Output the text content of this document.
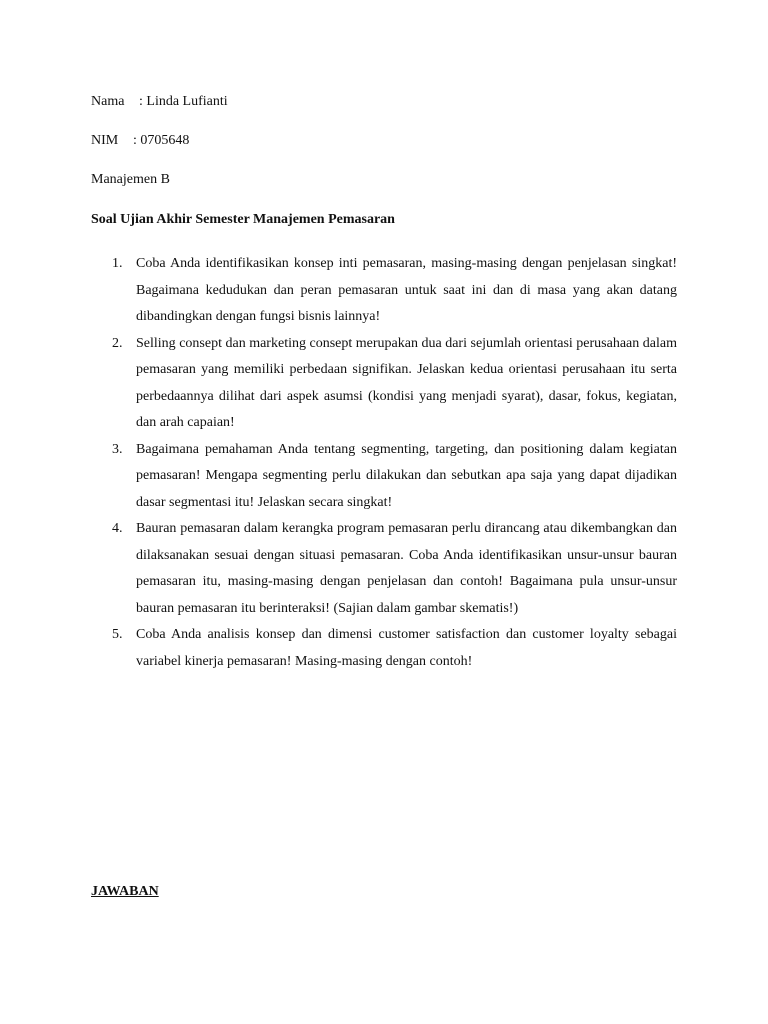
Nama : Linda Lufianti
NIM : 0705648
Manajemen B
Soal Ujian Akhir Semester Manajemen Pemasaran
1. Coba Anda identifikasikan konsep inti pemasaran, masing-masing dengan penjelasan singkat! Bagaimana kedudukan dan peran pemasaran untuk saat ini dan di masa yang akan datang dibandingkan dengan fungsi bisnis lainnya!
2. Selling consept dan marketing consept merupakan dua dari sejumlah orientasi perusahaan dalam pemasaran yang memiliki perbedaan signifikan. Jelaskan kedua orientasi perusahaan itu serta perbedaannya dilihat dari aspek asumsi (kondisi yang menjadi syarat), dasar, fokus, kegiatan, dan arah capaian!
3. Bagaimana pemahaman Anda tentang segmenting, targeting, dan positioning dalam kegiatan pemasaran! Mengapa segmenting perlu dilakukan dan sebutkan apa saja yang dapat dijadikan dasar segmentasi itu! Jelaskan secara singkat!
4. Bauran pemasaran dalam kerangka program pemasaran perlu dirancang atau dikembangkan dan dilaksanakan sesuai dengan situasi pemasaran. Coba Anda identifikasikan unsur-unsur bauran pemasaran itu, masing-masing dengan penjelasan dan contoh! Bagaimana pula unsur-unsur bauran pemasaran itu berinteraksi! (Sajian dalam gambar skematis!)
5. Coba Anda analisis konsep dan dimensi customer satisfaction dan customer loyalty sebagai variabel kinerja pemasaran! Masing-masing dengan contoh!
JAWABAN
